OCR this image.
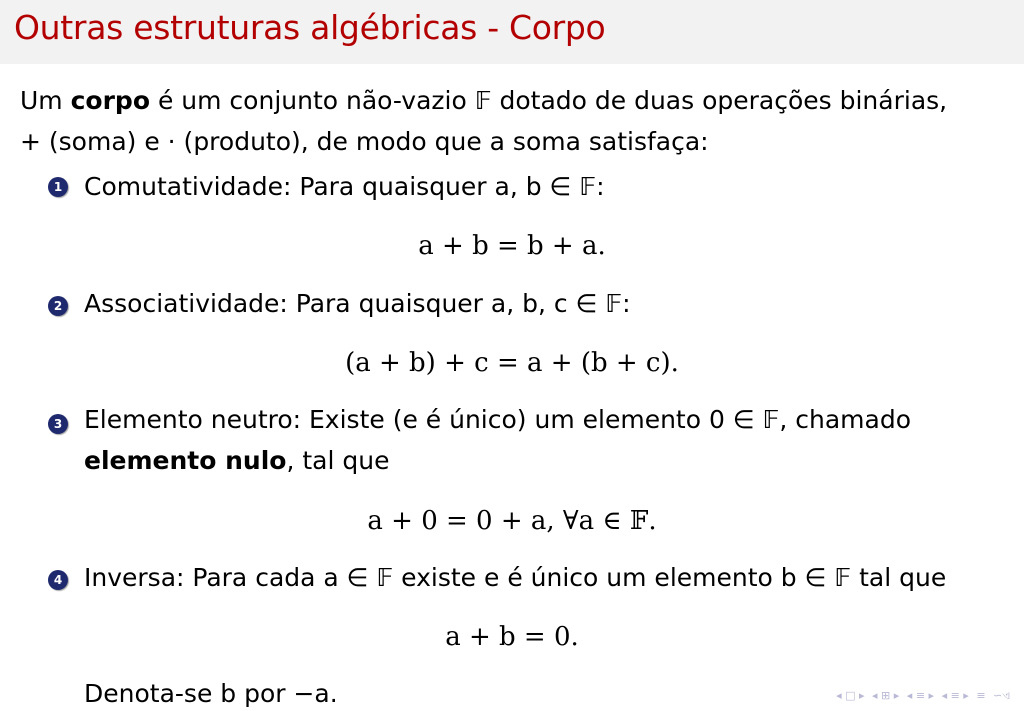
Outras estruturas algébricas - Corpo
Um corpo é um conjunto não-vazio 𝔽 dotado de duas operações binárias,
+ (soma) e · (produto), de modo que a soma satisfaça:
1 Comutatividade: Para quaisquer a, b ∈ 𝔽:
a + b = b + a.
2 Associatividade: Para quaisquer a, b, c ∈ 𝔽:
(a + b) + c = a + (b + c).
3 Elemento neutro: Existe (e é único) um elemento 0 ∈ 𝔽, chamado
elemento nulo, tal que
a + 0 = 0 + a, ∀a ∈ 𝔽.
4 Inversa: Para cada a ∈ 𝔽 existe e é único um elemento b ∈ 𝔽 tal que
a + b = 0.
Denota-se b por −a.	◂ □ ▸ ◂ ⊞ ▸ ◂ ≡ ▸ ◂ ≡ ▸ ≡ ∽ଏ
